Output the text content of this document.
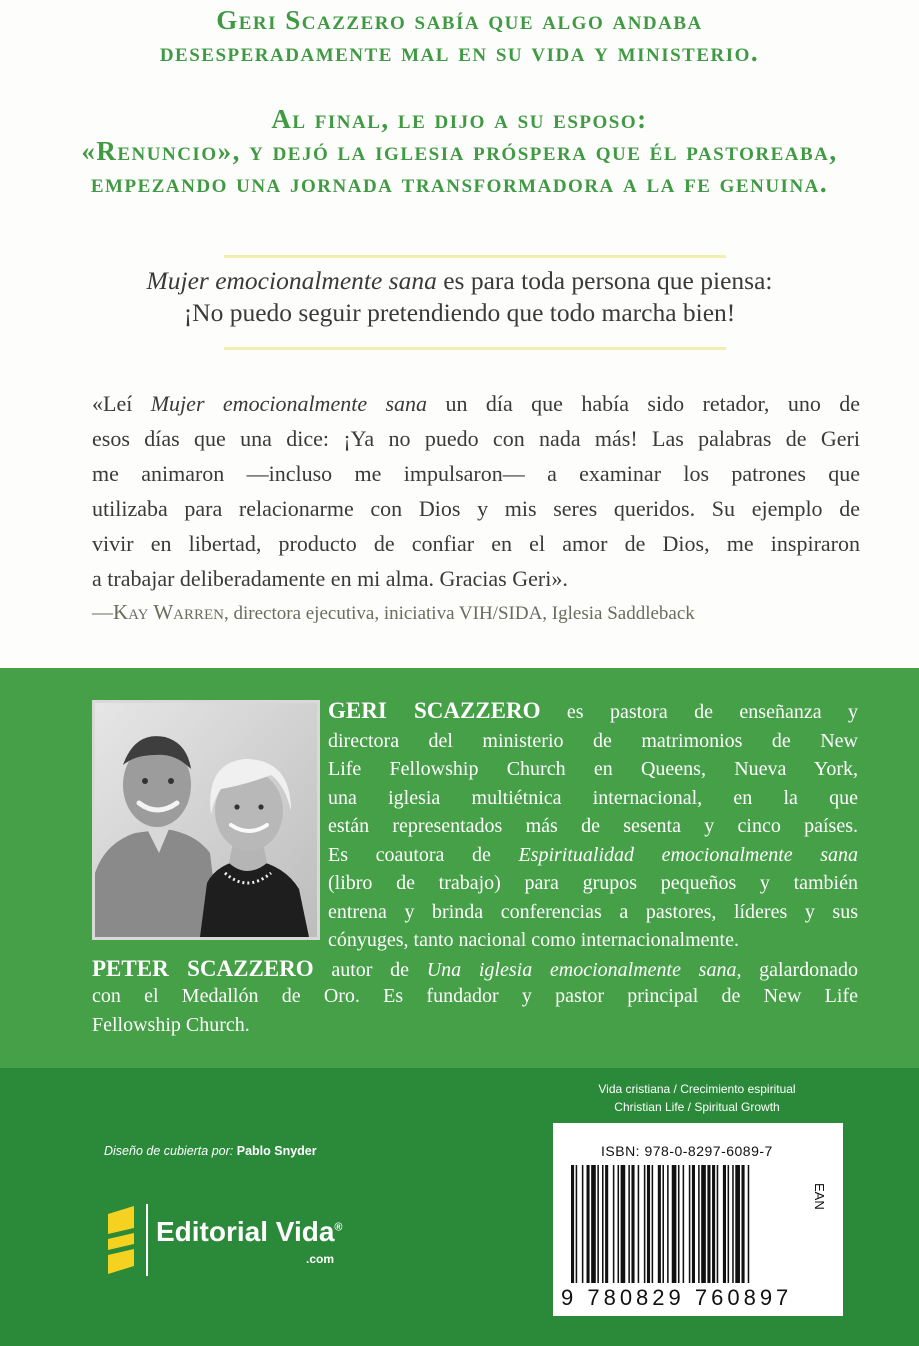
Geri Scazzero sabía que algo andaba
desesperadamente mal en su vida y ministerio.
Al final, le dijo a su esposo:
«Renuncio», y dejó la iglesia próspera que él pastoreaba,
empezando una jornada transformadora a la fe genuina.
Mujer emocionalmente sana es para toda persona que piensa:
¡No puedo seguir pretendiendo que todo marcha bien!
«Leí Mujer emocionalmente sana un día que había sido retador, uno de
esos días que una dice: ¡Ya no puedo con nada más! Las palabras de Geri
me animaron —incluso me impulsaron— a examinar los patrones que
utilizaba para relacionarme con Dios y mis seres queridos. Su ejemplo de
vivir en libertad, producto de confiar en el amor de Dios, me inspiraron
a trabajar deliberadamente en mi alma. Gracias Geri».
—Kay Warren, directora ejecutiva, iniciativa VIH/SIDA, Iglesia Saddleback
GERI SCAZZERO es pastora de enseñanza y
directora del ministerio de matrimonios de New
Life Fellowship Church en Queens, Nueva York,
una iglesia multiétnica internacional, en la que
están representados más de sesenta y cinco países.
Es coautora de Espiritualidad emocionalmente sana
(libro de trabajo) para grupos pequeños y también
entrena y brinda conferencias a pastores, líderes y sus
cónyuges, tanto nacional como internacionalmente.
PETER SCAZZERO autor de Una iglesia emocionalmente sana, galardonado
con el Medallón de Oro. Es fundador y pastor principal de New Life
Fellowship Church.
Vida cristiana / Crecimiento espiritual
Christian Life / Spiritual Growth
Diseño de cubierta por: Pablo Snyder
Editorial Vida®
.com
ISBN: 978-0-8297-6089-7
EAN
9 780829 760897
